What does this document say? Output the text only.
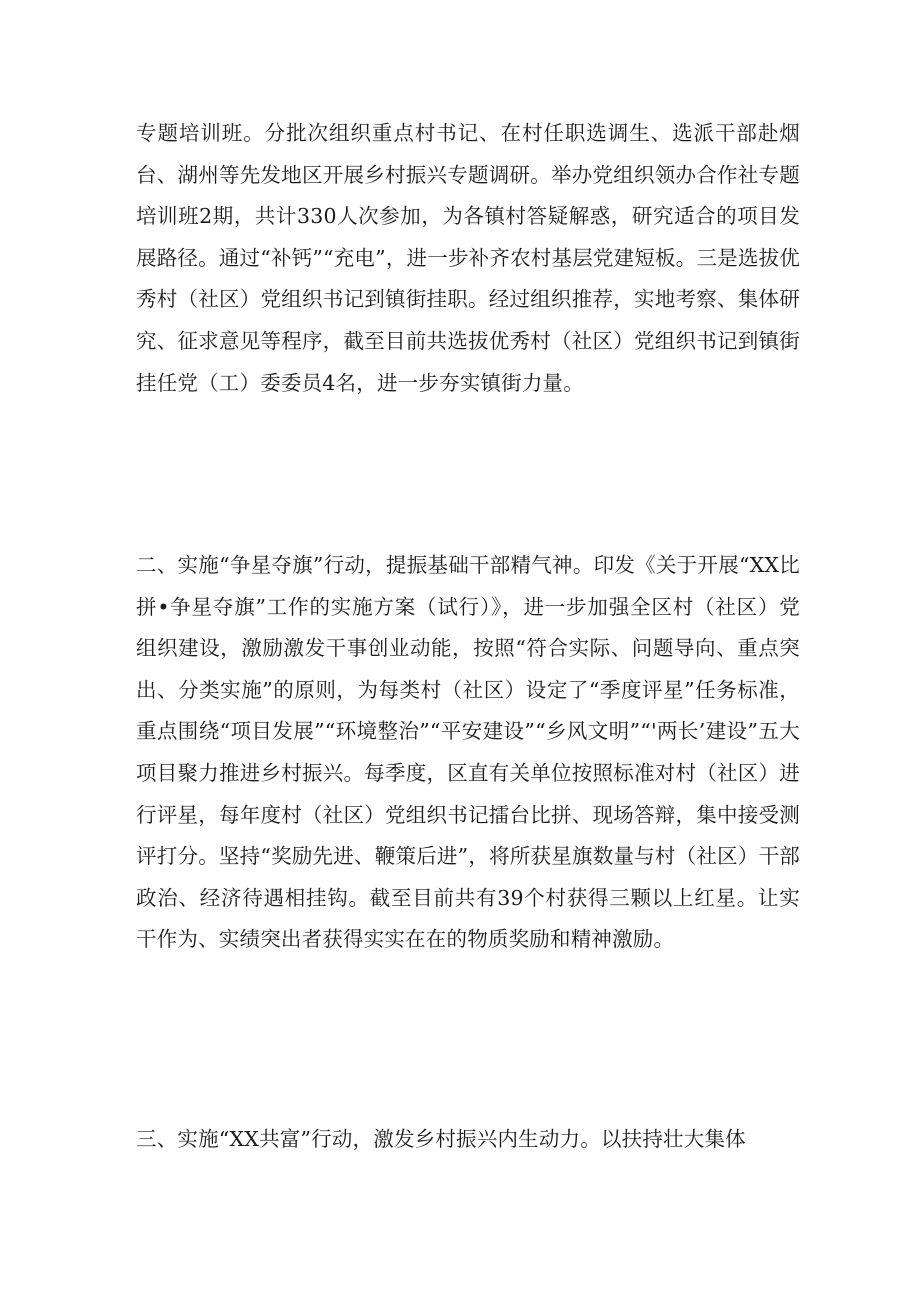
专题培训班。分批次组织重点村书记、在村任职选调生、选派干部赴烟台、湖州等先发地区开展乡村振兴专题调研。举办党组织领办合作社专题培训班2期，共计330人次参加，为各镇村答疑解惑，研究适合的项目发展路径。通过“补钙”“充电”，进一步补齐农村基层党建短板。三是选拔优秀村（社区）党组织书记到镇街挂职。经过组织推荐，实地考察、集体研究、征求意见等程序，截至目前共选拔优秀村（社区）党组织书记到镇街挂任党（工）委委员4名，进一步夯实镇街力量。

二、实施“争星夺旗”行动，提振基础干部精气神。印发《关于开展“XX比拼•争星夺旗”工作的实施方案（试行）》，进一步加强全区村（社区）党组织建设，激励激发干事创业动能，按照“符合实际、问题导向、重点突出、分类实施”的原则，为每类村（社区）设定了“季度评星”任务标准，重点围绕“项目发展”“环境整治”“平安建设”“乡风文明”“'两长’建设”五大项目聚力推进乡村振兴。每季度，区直有关单位按照标准对村（社区）进行评星，每年度村（社区）党组织书记擂台比拼、现场答辩，集中接受测评打分。坚持“奖励先进、鞭策后进”，将所获星旗数量与村（社区）干部政治、经济待遇相挂钩。截至目前共有39个村获得三颗以上红星。让实干作为、实绩突出者获得实实在在的物质奖励和精神激励。

三、实施“XX共富”行动，激发乡村振兴内生动力。以扶持壮大集体
